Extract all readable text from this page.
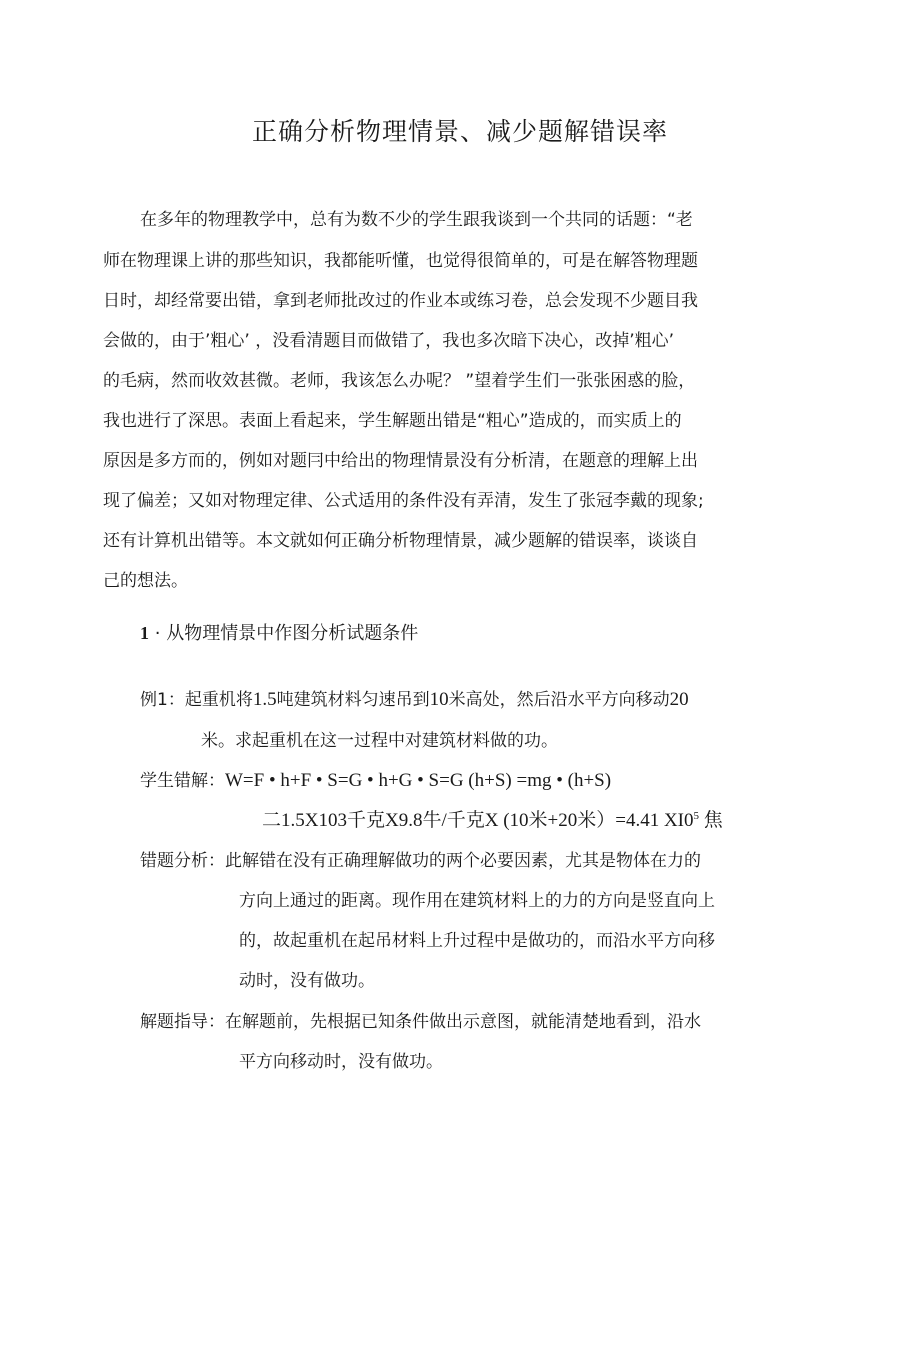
正确分析物理情景、减少题解错误率
在多年的物理教学中，总有为数不少的学生跟我谈到一个共同的话题：“老
师在物理课上讲的那些知识，我都能听懂，也觉得很简单的，可是在解答物理题
日时，却经常要出错，拿到老师批改过的作业本或练习卷，总会发现不少题目我
会做的，由于’粗心’ ，没看清题目而做错了，我也多次暗下决心，改掉’粗心’
的毛病，然而收效甚微。老师，我该怎么办呢？ ”望着学生们一张张困惑的脸，
我也进行了深思。表面上看起来，学生解题出错是“粗心”造成的，而实质上的
原因是多方而的，例如对题冃中给出的物理情景没有分析清，在题意的理解上出
现了偏差；又如对物理定律、公式适用的条件没有弄清，发生了张冠李戴的现象;
还有计算机出错等。本文就如何正确分析物理情景，减少题解的错误率，谈谈自
己的想法。
1 · 从物理情景中作图分析试题条件
例1：起重机将1.5吨建筑材料匀速吊到10米高处，然后沿水平方向移动20
米。求起重机在这一过程中对建筑材料做的功。
学生错解：W=F • h+F • S=G • h+G • S=G (h+S) =mg • (h+S)
二1.5X103千克X9.8牛/千克X (10米+20米）=4.41 $XI0^5$ 焦
错题分析：此解错在没有正确理解做功的两个必要因素，尤其是物体在力的
方向上通过的距离。现作用在建筑材料上的力的方向是竖直向上
的，故起重机在起吊材料上升过程中是做功的，而沿水平方向移
动时，没有做功。
解题指导：在解题前，先根据已知条件做出示意图，就能清楚地看到，沿水
平方向移动时，没有做功。
